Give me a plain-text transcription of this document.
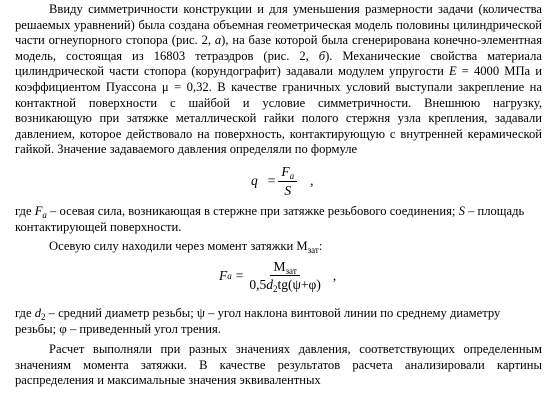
Ввиду симметричности конструкции и для уменьшения размерности задачи (количества решаемых уравнений) была создана объемная геометрическая модель половины цилиндрической части огнеупорного стопора (рис. 2, а), на базе которой была сгенерирована конечно-элементная модель, состоящая из 16803 тетраэдров (рис. 2, б). Механические свойства материала цилиндрической части стопора (корундографит) задавали модулем упругости E = 4000 МПа и коэффициентом Пуассона μ = 0,32. В качестве граничных условий выступали закрепление на контактной поверхности с шайбой и условие симметричности. Внешнюю нагрузку, возникающую при затяжке металлической гайки полого стержня узла крепления, задавали давлением, которое действовало на поверхность, контактирующую с внутренней керамической гайкой. Значение задаваемого давления определяли по формуле

$q = \frac{F_a}{S}$ ,

где $F_a$ – осевая сила, возникающая в стержне при затяжке резьбового соединения; S – площадь контактирующей поверхности.

Осевую силу находили через момент затяжки $М_{зат}$:

F $a = \frac{М_{зат}}{0,5d_2tg(\psi+\varphi)}$ ,

где $d_2$ – средний диаметр резьбы; ψ – угол наклона винтовой линии по среднему диаметру резьбы; φ – приведенный угол трения.

Расчет выполняли при разных значениях давления, соответствующих определенным значениям момента затяжки. В качестве результатов расчета анализировали картины распределения и максимальные значения эквивалентных
